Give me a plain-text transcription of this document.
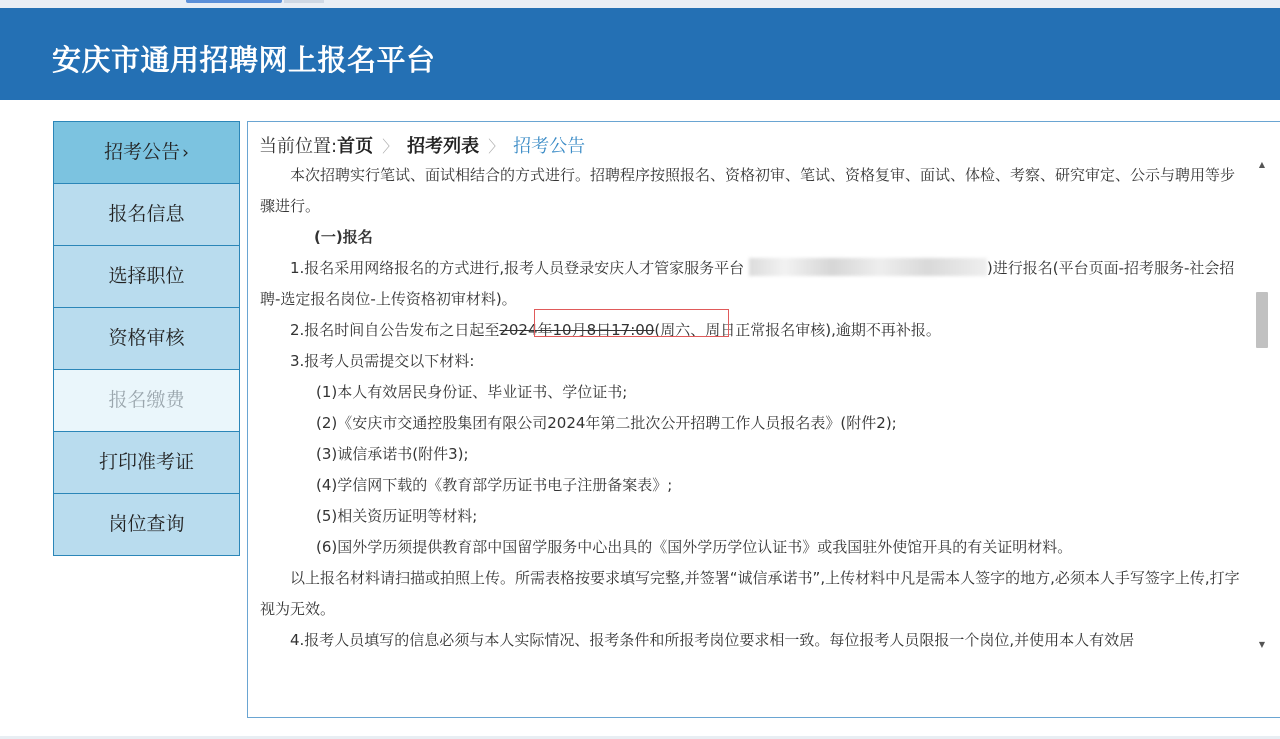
安庆市通用招聘网上报名平台
招考公告 ›
报名信息
选择职位
资格审核
报名缴费
打印准考证
岗位查询
当前位置:首页 〉 招考列表 〉 招考公告

本次招聘实行笔试、面试相结合的方式进行。招聘程序按照报名、资格初审、笔试、资格复审、面试、体检、考察、研究审定、公示与聘用等步骤进行。

(一)报名

1.报名采用网络报名的方式进行,报考人员登录安庆人才管家服务平台	)进行报名(平台页面-招考服务-社会招聘-选定报名岗位-上传资格初审材料)。

2.报名时间自公告发布之日起至2024年10月8日17:00(周六、周日正常报名审核),逾期不再补报。

3.报考人员需提交以下材料:

(1)本人有效居民身份证、毕业证书、学位证书;

(2)《安庆市交通控股集团有限公司2024年第二批次公开招聘工作人员报名表》(附件2);

(3)诚信承诺书(附件3);

(4)学信网下载的《教育部学历证书电子注册备案表》;

(5)相关资历证明等材料;

(6)国外学历须提供教育部中国留学服务中心出具的《国外学历学位认证书》或我国驻外使馆开具的有关证明材料。

以上报名材料请扫描或拍照上传。所需表格按要求填写完整,并签署“诚信承诺书”,上传材料中凡是需本人签字的地方,必须本人手写签字上传,打字视为无效。

4.报考人员填写的信息必须与本人实际情况、报考条件和所报考岗位要求相一致。每位报考人员限报一个岗位,并使用本人有效居

▲
▼
